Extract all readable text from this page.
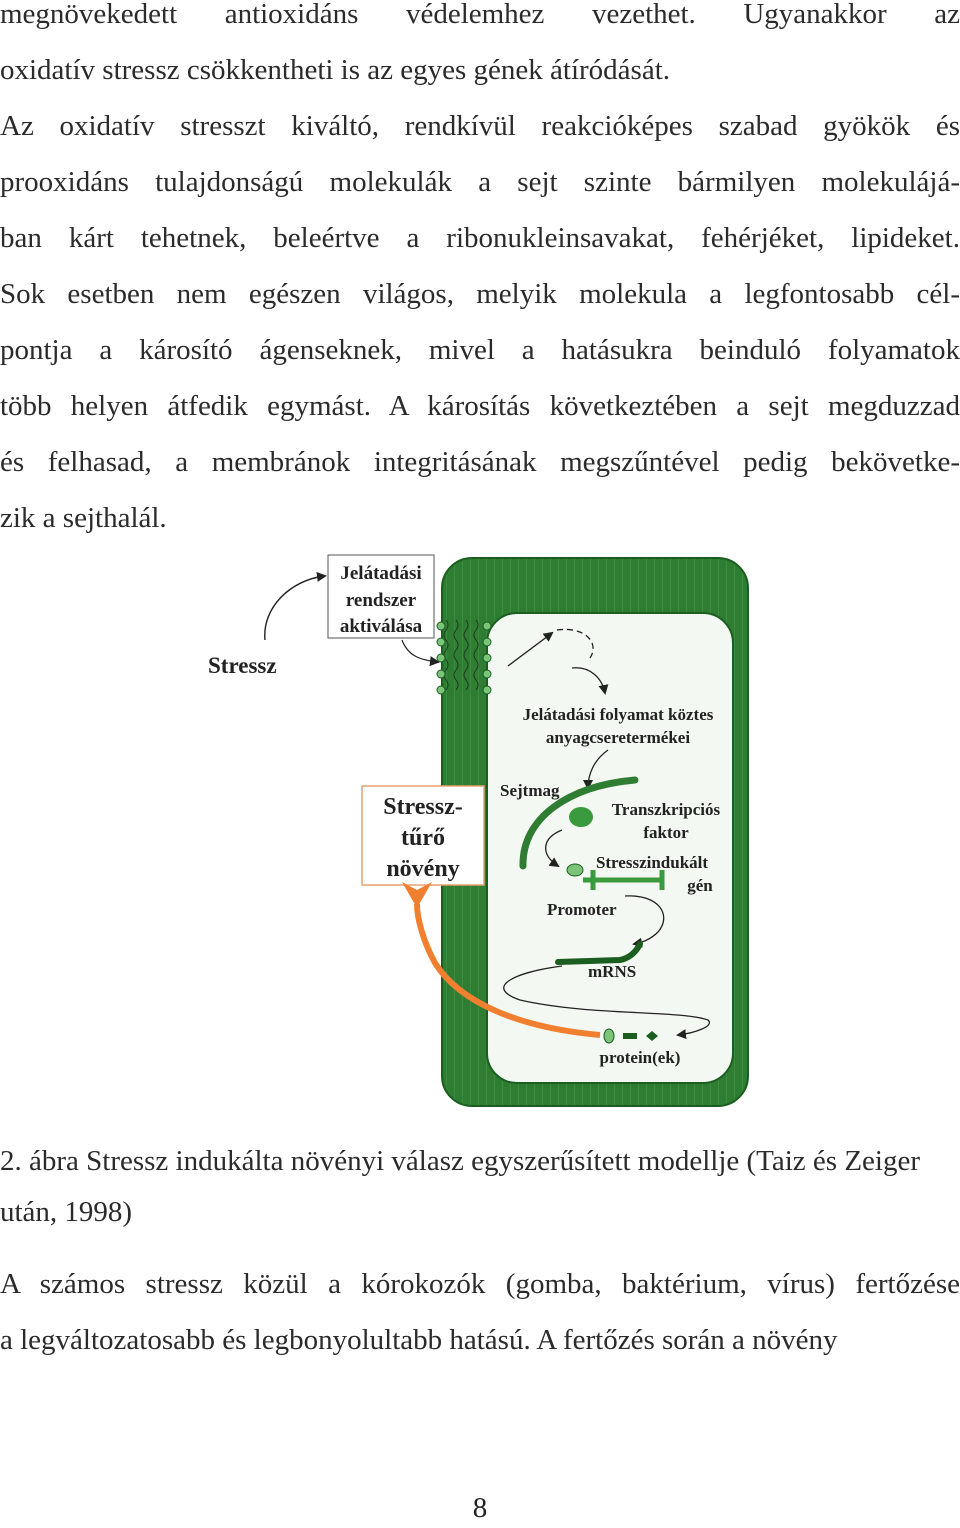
megnövekedett antioxidáns védelemhez vezethet. Ugyanakkor az
oxidatív stressz csökkentheti is az egyes gének átíródását.
Az oxidatív stresszt kiváltó, rendkívül reakcióképes szabad gyökök és
prooxidáns tulajdonságú molekulák a sejt szinte bármilyen molekulájá-
ban kárt tehetnek, beleértve a ribonukleinsavakat, fehérjéket, lipideket.
Sok esetben nem egészen világos, melyik molekula a legfontosabb cél-
pontja a károsító ágenseknek, mivel a hatásukra beinduló folyamatok
több helyen átfedik egymást. A károsítás következtében a sejt megduzzad
és felhasad, a membránok integritásának megszűntével pedig bekövetke-
zik a sejthalál.
Stressz
Jelátadási
rendszer
aktiválása
Jelátadási folyamat köztes
anyagcseretermékei
Stressz-
tűrő
növény
Sejtmag
Transzkripciós
faktor
Stresszindukált
gén
Promoter
mRNS
protein(ek)
2. ábra Stressz indukálta növényi válasz egyszerűsített modellje (Taiz és Zeiger
után, 1998)
A számos stressz közül a kórokozók (gomba, baktérium, vírus) fertőzése
a legváltozatosabb és legbonyolultabb hatású. A fertőzés során a növény
8
